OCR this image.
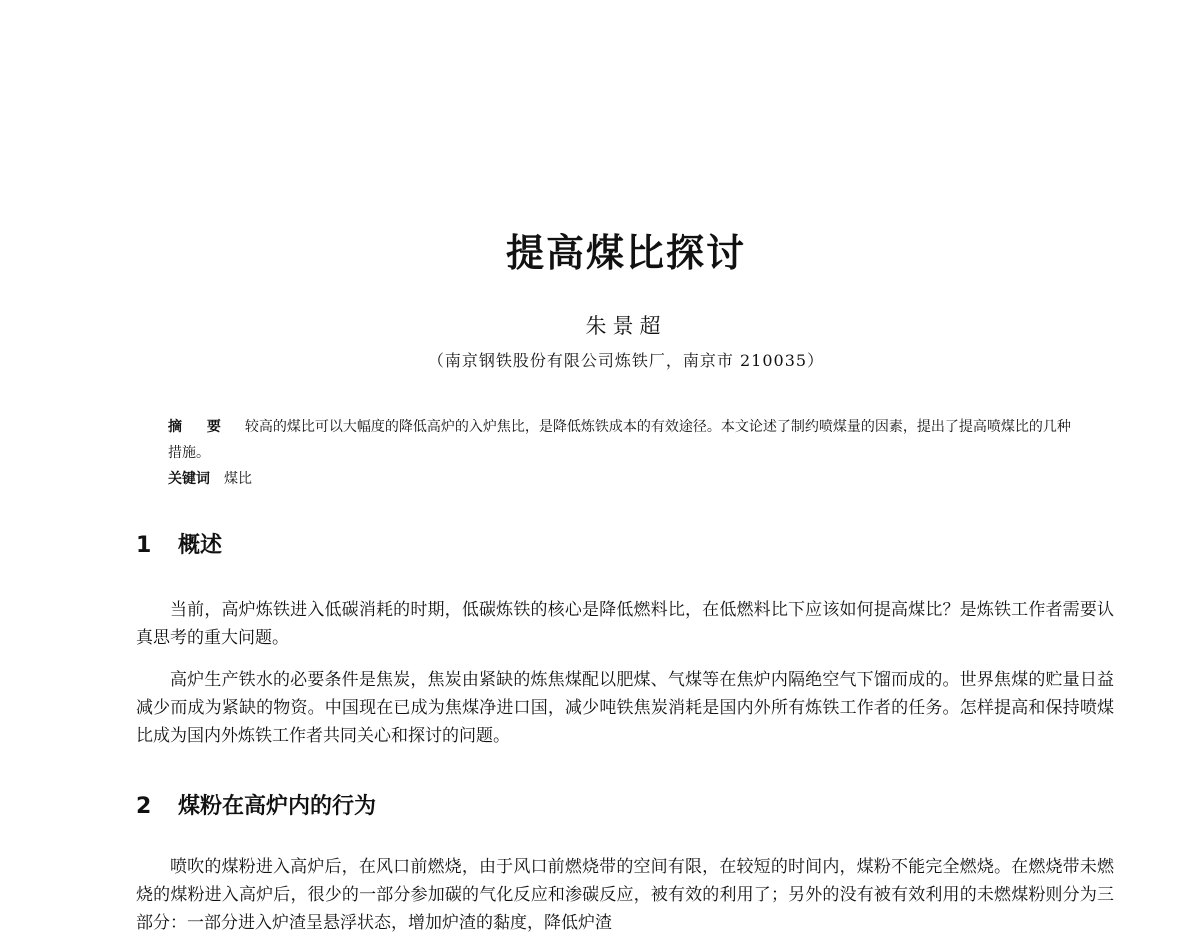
提高煤比探讨
朱景超
（南京钢铁股份有限公司炼铁厂，南京市 210035）
摘 要 较高的煤比可以大幅度的降低高炉的入炉焦比，是降低炼铁成本的有效途径。本文论述了制约喷煤量的因素，提出了提高喷煤比的几种措施。
关键词 煤比
1 概述

当前，高炉炼铁进入低碳消耗的时期，低碳炼铁的核心是降低燃料比，在低燃料比下应该如何提高煤比？是炼铁工作者需要认真思考的重大问题。

高炉生产铁水的必要条件是焦炭，焦炭由紧缺的炼焦煤配以肥煤、气煤等在焦炉内隔绝空气下馏而成的。世界焦煤的贮量日益减少而成为紧缺的物资。中国现在已成为焦煤净进口国，减少吨铁焦炭消耗是国内外所有炼铁工作者的任务。怎样提高和保持喷煤比成为国内外炼铁工作者共同关心和探讨的问题。

2 煤粉在高炉内的行为

喷吹的煤粉进入高炉后，在风口前燃烧，由于风口前燃烧带的空间有限，在较短的时间内，煤粉不能完全燃烧。在燃烧带未燃烧的煤粉进入高炉后，很少的一部分参加碳的气化反应和渗碳反应，被有效的利用了；另外的没有被有效利用的未燃煤粉则分为三部分：一部分进入炉渣呈悬浮状态，增加炉渣的黏度，降低炉渣
